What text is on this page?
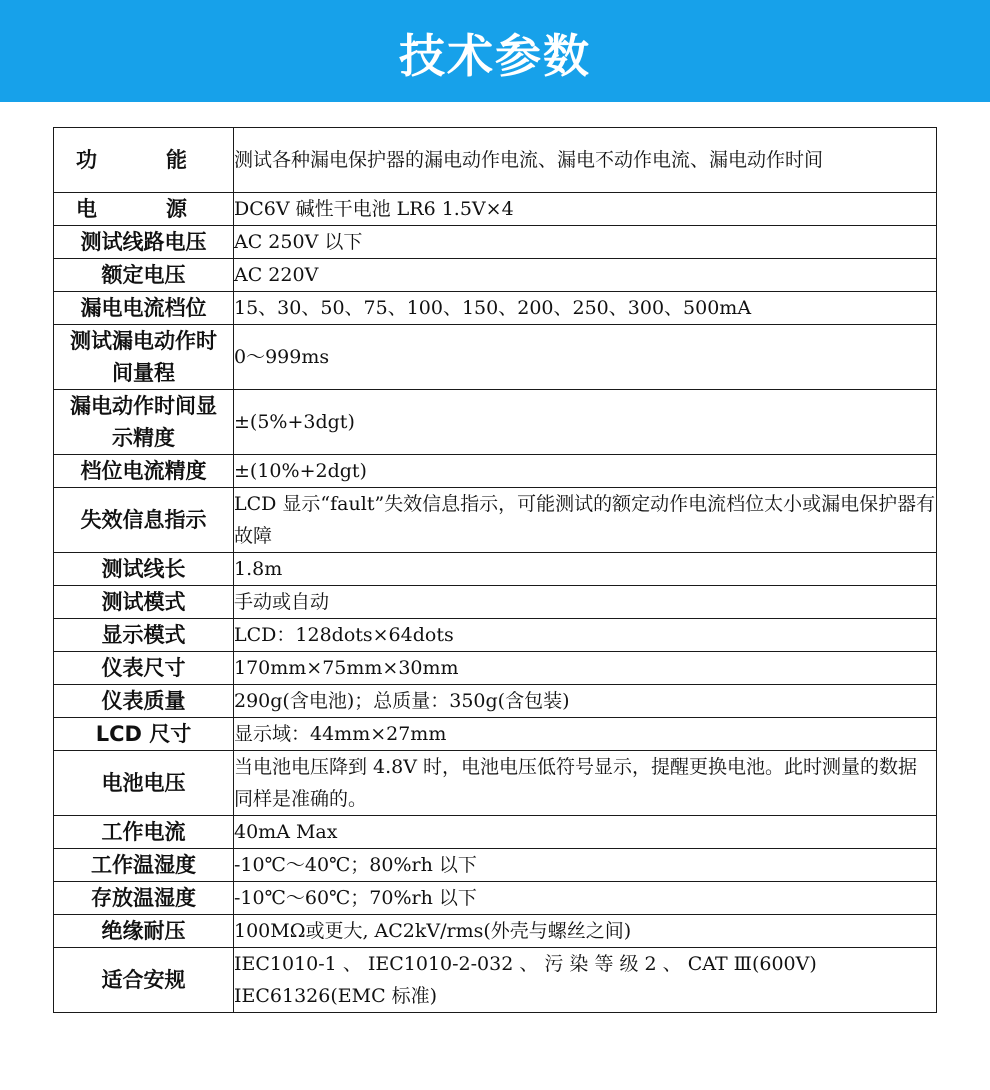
技术参数
功　能	测试各种漏电保护器的漏电动作电流、漏电不动作电流、漏电动作时间
电　源	DC6V 碱性干电池 LR6 1.5V×4
测试线路电压	AC 250V 以下
额定电压	AC 220V
漏电电流档位	15、30、50、75、100、150、200、250、300、500mA
测试漏电动作时间量程	0～999ms
漏电动作时间显示精度	±(5%+3dgt)
档位电流精度	±(10%+2dgt)
失效信息指示	LCD 显示“fault”失效信息指示，可能测试的额定动作电流档位太小或漏电保护器有故障
测试线长	1.8m
测试模式	手动或自动
显示模式	LCD：128dots×64dots
仪表尺寸	170mm×75mm×30mm
仪表质量	290g(含电池)；总质量：350g(含包装)
LCD 尺寸	显示域：44mm×27mm
电池电压	当电池电压降到 4.8V 时，电池电压低符号显示，提醒更换电池。此时测量的数据同样是准确的。
工作电流	40mA Max
工作温湿度	-10℃～40℃；80%rh 以下
存放温湿度	-10℃～60℃；70%rh 以下
绝缘耐压	100MΩ或更大, AC2kV/rms(外壳与螺丝之间)
适合安规	IEC1010-1 、 IEC1010-2-032 、 污 染 等 级 2 、 CAT Ⅲ(600V) IEC61326(EMC 标准)
